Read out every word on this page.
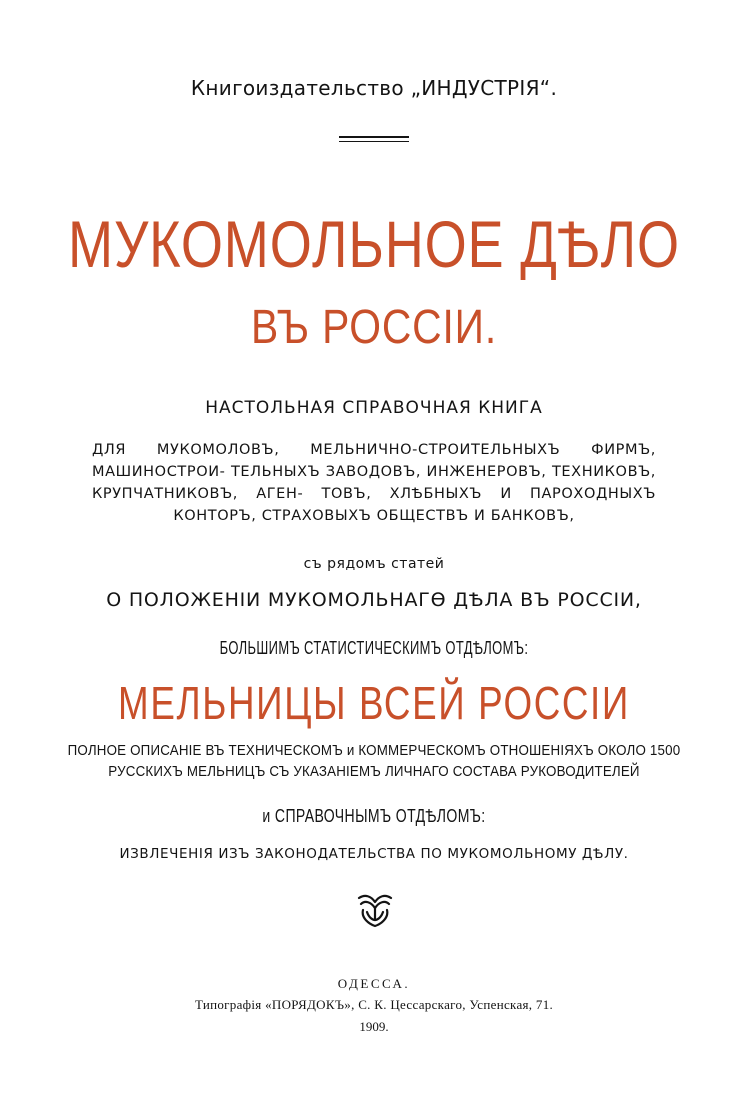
Книгоиздательство „ИНДУСТРІЯ“.
МУКОМОЛЬНОЕ ДѢЛО
ВЪ РОССІИ.
НАСТОЛЬНАЯ СПРАВОЧНАЯ КНИГА
ДЛЯ МУКОМОЛОВЪ, МЕЛЬНИЧНО-СТРОИТЕЛЬНЫХЪ ФИРМЪ, МАШИНОСТРОИ- ТЕЛЬНЫХЪ ЗАВОДОВЪ, ИНЖЕНЕРОВЪ, ТЕХНИКОВЪ, КРУПЧАТНИКОВЪ, АГЕН- ТОВЪ, ХЛѢБНЫХЪ И ПАРОХОДНЫХЪ КОНТОРЪ, СТРАХОВЫХЪ ОБЩЕСТВЪ И БАНКОВЪ,
съ рядомъ статей
О ПОЛОЖЕНІИ МУКОМОЛЬНАГѲ ДѢЛА ВЪ РОССІИ,
БОЛЬШИМЪ СТАТИСТИЧЕСКИМЪ ОТДѢЛОМЪ:
МЕЛЬНИЦЫ ВСЕЙ РОССІИ
ПОЛНОЕ ОПИСАНІЕ ВЪ ТЕХНИЧЕСКОМЪ и КОММЕРЧЕСКОМЪ ОТНОШЕНІЯХЪ ОКОЛО 1500
РУССКИХЪ МЕЛЬНИЦЪ СЪ УКАЗАНІЕМЪ ЛИЧНАГО СОСТАВА РУКОВОДИТЕЛЕЙ
и СПРАВОЧНЫМЪ ОТДѢЛОМЪ:
ИЗВЛЕЧЕНІЯ ИЗЪ ЗАКОНОДАТЕЛЬСТВА ПО МУКОМОЛЬНОМУ ДѢЛУ.
ОДЕССА.
Типографія «ПОРЯДОКЪ», С. К. Цессарскаго, Успенская, 71.
1909.
